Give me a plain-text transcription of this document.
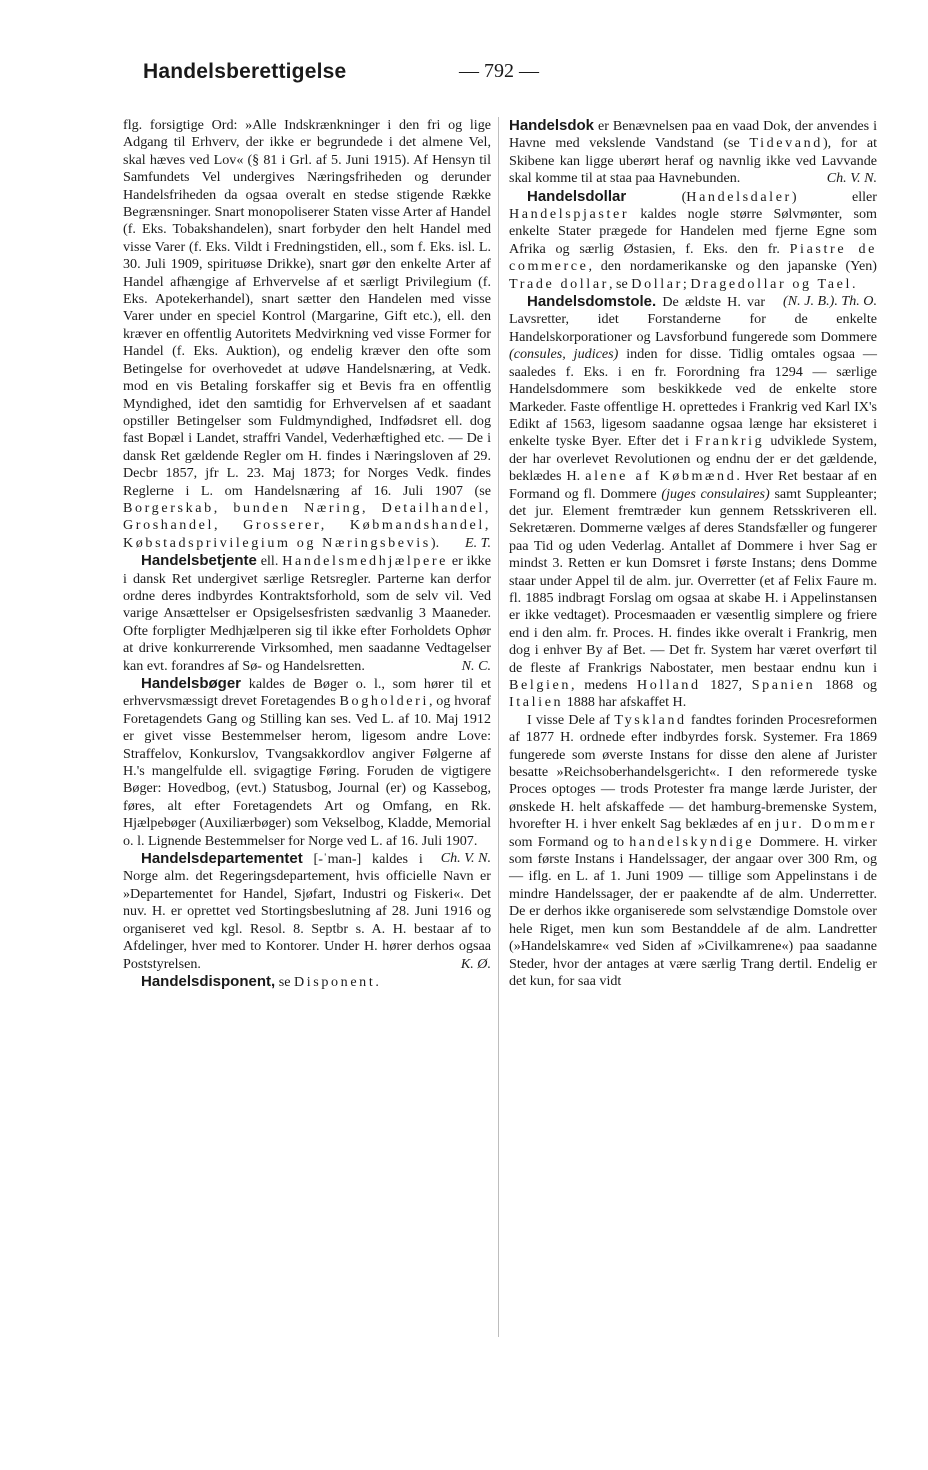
Handelsberettigelse	— 792 —

flg. forsigtige Ord: »Alle Indskrænkninger i den fri og lige Adgang til Erhverv, der ikke er begrundede i det almene Vel, skal hæves ved Lov« (§ 81 i Grl. af 5. Juni 1915). Af Hensyn til Samfundets Vel undergives Næringsfriheden og derunder Handelsfriheden da ogsaa overalt en stedse stigende Række Begrænsninger. Snart monopoliserer Staten visse Arter af Handel (f. Eks. Tobakshandelen), snart forbyder den helt Handel med visse Varer (f. Eks. Vildt i Fredningstiden, ell., som f. Eks. isl. L. 30. Juli 1909, spirituøse Drikke), snart gør den enkelte Arter af Handel afhængige af Erhvervelse af et særligt Privilegium (f. Eks. Apotekerhandel), snart sætter den Handelen med visse Varer under en speciel Kontrol (Margarine, Gift etc.), ell. den kræver en offentlig Autoritets Medvirkning ved visse Former for Handel (f. Eks. Auktion), og endelig kræver den ofte som Betingelse for overhovedet at udøve Handelsnæring, at Vedk. mod en vis Betaling forskaffer sig et Bevis fra en offentlig Myndighed, idet den samtidig for Erhvervelsen af et saadant opstiller Betingelser som Fuldmyndighed, Indfødsret ell. dog fast Bopæl i Landet, straffri Vandel, Vederhæftighed etc. — De i dansk Ret gældende Regler om H. findes i Næringsloven af 29. Decbr 1857, jfr L. 23. Maj 1873; for Norges Vedk. findes Reglerne i L. om Handelsnæring af 16. Juli 1907 (se Borgerskab, bunden Næring, Detailhandel, Groshandel, Grosserer, Købmandshandel, Købstadsprivilegium og Næringsbevis). E. T.

Handelsbetjente ell. Handelsmedhjælpere er ikke i dansk Ret undergivet særlige Retsregler. Parterne kan derfor ordne deres indbyrdes Kontraktsforhold, som de selv vil. Ved varige Ansættelser er Opsigelsesfristen sædvanlig 3 Maaneder. Ofte forpligter Medhjælperen sig til ikke efter Forholdets Ophør at drive konkurrerende Virksomhed, men saadanne Vedtagelser kan evt. forandres af Sø- og Handelsretten.	N. C.

Handelsbøger kaldes de Bøger o. l., som hører til et erhvervsmæssigt drevet Foretagendes Bogholderi, og hvoraf Foretagendets Gang og Stilling kan ses. Ved L. af 10. Maj 1912 er givet visse Bestemmelser herom, ligesom andre Love: Straffelov, Konkurslov, Tvangsakkordlov angiver Følgerne af H.'s mangelfulde ell. svigagtige Føring. Foruden de vigtigere Bøger: Hovedbog, (evt.) Statusbog, Journal (er) og Kassebog, føres, alt efter Foretagendets Art og Omfang, en Rk. Hjælpebøger (Auxiliærbøger) som Vekselbog, Kladde, Memorial o. l. Lignende Bestemmelser for Norge ved L. af 16. Juli 1907.
Ch. V. N.

Handelsdepartementet [-ˈman-] kaldes i Norge alm. det Regeringsdepartement, hvis officielle Navn er »Departementet for Handel, Sjøfart, Industri og Fiskeri«. Det nuv. H. er oprettet ved Stortingsbeslutning af 28. Juni 1916 og organiseret ved kgl. Resol. 8. Septbr s. A. H. bestaar af to Afdelinger, hver med to Kontorer. Under H. hører derhos ogsaa Poststyrelsen.	K. Ø.

Handelsdisponent, se Disponent.

Handelsdok er Benævnelsen paa en vaad Dok, der anvendes i Havne med vekslende Vandstand (se Tidevand), for at Skibene kan ligge uberørt heraf og navnlig ikke ved Lavvande skal komme til at staa paa Havnebunden.	Ch. V. N.

Handelsdollar	(Handelsdaler) eller Handelspjaster kaldes nogle større Sølvmønter, som enkelte Stater prægede for Handelen med fjerne Egne som Afrika og særlig Østasien, f. Eks. den fr. Piastre de commerce, den nordamerikanske og den japanske (Yen) Trade dollar, se Dollar; Dragedollar og Tael.
(N. J. B.). Th. O.

Handelsdomstole. De ældste H. var Lavsretter, idet Forstanderne for de enkelte Handelskorporationer og Lavsforbund fungerede som Dommere (consules, judices) inden for disse. Tidlig omtales ogsaa — saaledes f. Eks. i en fr. Forordning fra 1294 — særlige Handelsdommere som beskikkede ved de enkelte store Markeder. Faste offentlige H. oprettedes i Frankrig ved Karl IX's Edikt af 1563, ligesom saadanne ogsaa længe har eksisteret i enkelte tyske Byer. Efter det i Frankrig udviklede System, der har overlevet Revolutionen og endnu der er det gældende, beklædes H. alene af Købmænd. Hver Ret bestaar af en Formand og fl. Dommere (juges consulaires) samt Suppleanter; det jur. Element fremtræder kun gennem Retsskriveren ell. Sekretæren. Dommerne vælges af deres Standsfæller og fungerer paa Tid og uden Vederlag. Antallet af Dommere i hver Sag er mindst 3. Retten er kun Domsret i første Instans; dens Domme staar under Appel til de alm. jur. Overretter (et af Felix Faure m. fl. 1885 indbragt Forslag om ogsaa at skabe H. i Appelinstansen er ikke vedtaget). Procesmaaden er væsentlig simplere og friere end i den alm. fr. Proces. H. findes ikke overalt i Frankrig, men dog i enhver By af Bet. — Det fr. System har været overført til de fleste af Frankrigs Nabostater, men bestaar endnu kun i Belgien, medens Holland 1827, Spanien 1868 og Italien 1888 har afskaffet H.

I visse Dele af Tyskland fandtes forinden Procesreformen af 1877 H. ordnede efter indbyrdes forsk. Systemer. Fra 1869 fungerede som øverste Instans for disse den alene af Jurister besatte »Reichsoberhandelsgericht«. I den reformerede tyske Proces optoges — trods Protester fra mange lærde Jurister, der ønskede H. helt afskaffede — det hamburg-bremenske System, hvorefter H. i hver enkelt Sag beklædes af en jur. Dommer som Formand og to handelskyndige Dommere. H. virker som første Instans i Handelssager, der angaar over 300 Rm, og — iflg. en L. af 1. Juni 1909 — tillige som Appelinstans i de mindre Handelssager, der er paakendte af de alm. Underretter. De er derhos ikke organiserede som selvstændige Domstole over hele Riget, men kun som Bestanddele af de alm. Landretter (»Handelskamre« ved Siden af »Civilkamrene«) paa saadanne Steder, hvor der antages at være særlig Trang dertil. Endelig er det kun, for saa vidt
